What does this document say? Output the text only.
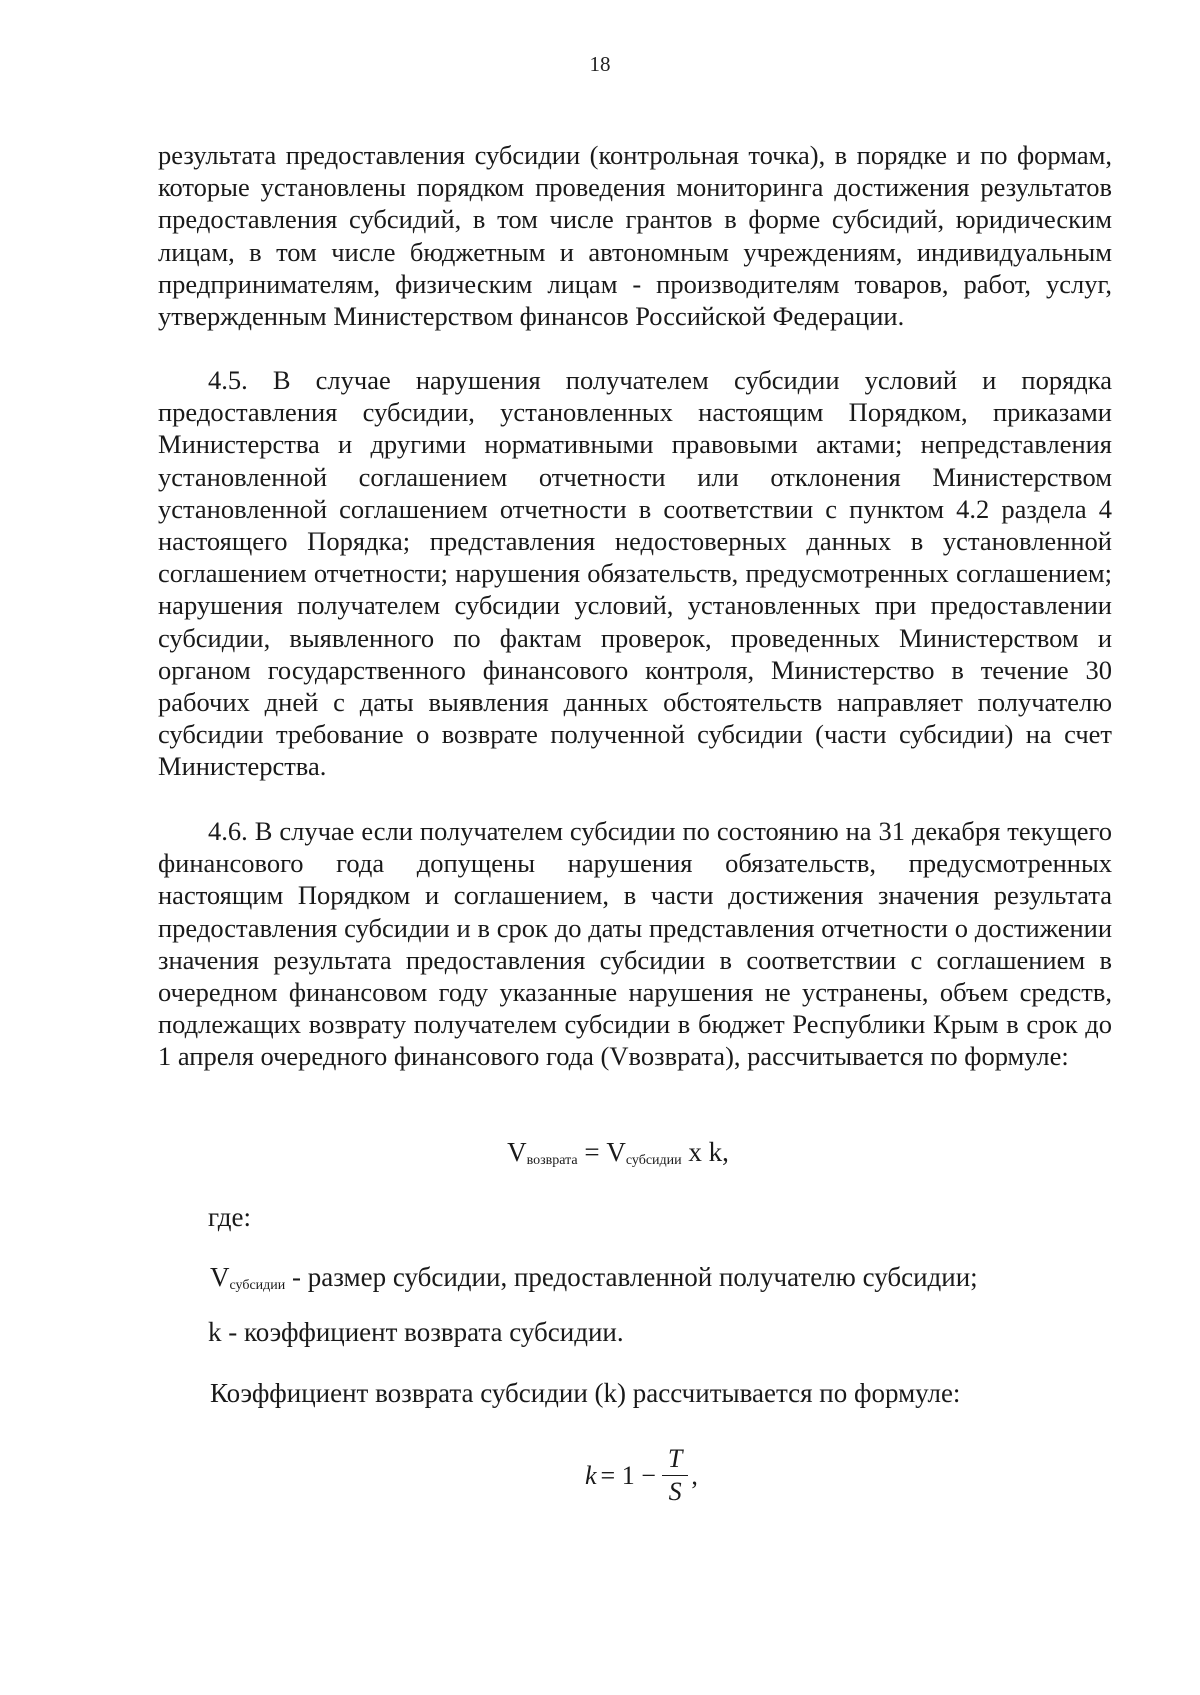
18
результата предоставления субсидии (контрольная точка), в порядке и по формам, которые установлены порядком проведения мониторинга достижения результатов предоставления субсидий, в том числе грантов в форме субсидий, юридическим лицам, в том числе бюджетным и автономным учреждениям, индивидуальным предпринимателям, физическим лицам - производителям товаров, работ, услуг, утвержденным Министерством финансов Российской Федерации.
4.5. В случае нарушения получателем субсидии условий и порядка предоставления субсидии, установленных настоящим Порядком, приказами Министерства и другими нормативными правовыми актами; непредставления установленной соглашением отчетности или отклонения Министерством установленной соглашением отчетности в соответствии с пунктом 4.2 раздела 4 настоящего Порядка; представления недостоверных данных в установленной соглашением отчетности; нарушения обязательств, предусмотренных соглашением; нарушения получателем субсидии условий, установленных при предоставлении субсидии, выявленного по фактам проверок, проведенных Министерством и органом государственного финансового контроля, Министерство в течение 30 рабочих дней с даты выявления данных обстоятельств направляет получателю субсидии требование о возврате полученной субсидии (части субсидии) на счет Министерства.
4.6. В случае если получателем субсидии по состоянию на 31 декабря текущего финансового года допущены нарушения обязательств, предусмотренных настоящим Порядком и соглашением, в части достижения значения результата предоставления субсидии и в срок до даты представления отчетности о достижении значения результата предоставления субсидии в соответствии с соглашением в очередном финансовом году указанные нарушения не устранены, объем средств, подлежащих возврату получателем субсидии в бюджет Республики Крым в срок до 1 апреля очередного финансового года (Vвозврата), рассчитывается по формуле:
$V_{возврата} = V_{субсидии}$ x k,
где:
$V_{субсидии}$ - размер субсидии, предоставленной получателю субсидии;
k - коэффициент возврата субсидии.
Коэффициент возврата субсидии (k) рассчитывается по формуле:
$k = 1 - \frac{T}{S}$ ,
